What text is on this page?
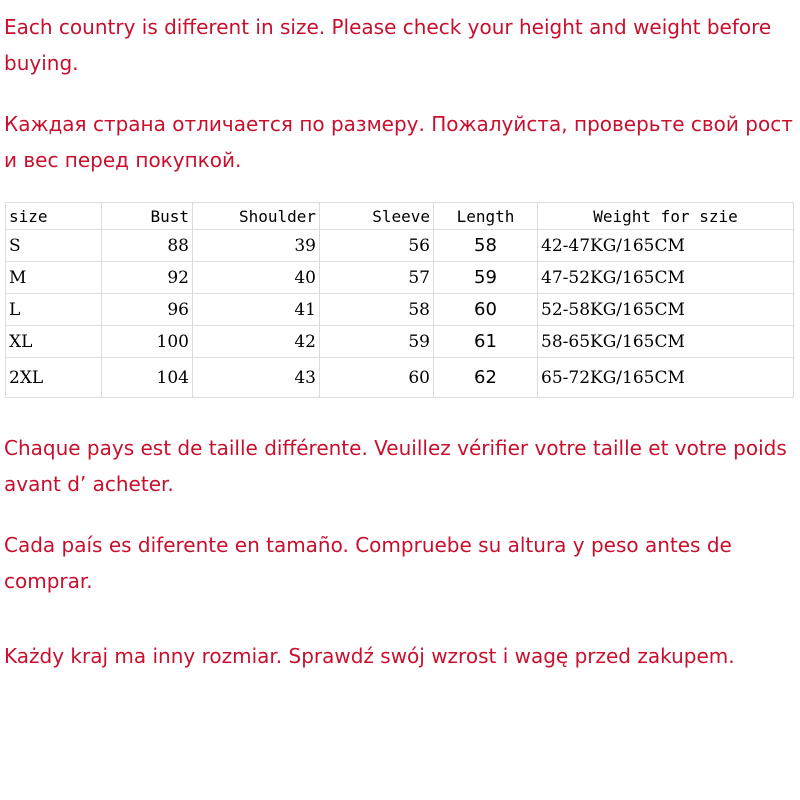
Each country is different in size. Please check your height and weight before buying.

Каждая страна отличается по размеру. Пожалуйста, проверьте свой рост и вес перед покупкой.

size	Bust	Shoulder	Sleeve	Length	Weight for szie
S	88	39	56	58	42-47KG/165CM
M	92	40	57	59	47-52KG/165CM
L	96	41	58	60	52-58KG/165CM
XL	100	42	59	61	58-65KG/165CM
2XL	104	43	60	62	65-72KG/165CM

Chaque pays est de taille différente. Veuillez vérifier votre taille et votre poids avant d’ acheter.

Cada país es diferente en tamaño. Compruebe su altura y peso antes de comprar.

Każdy kraj ma inny rozmiar. Sprawdź swój wzrost i wagę przed zakupem.
